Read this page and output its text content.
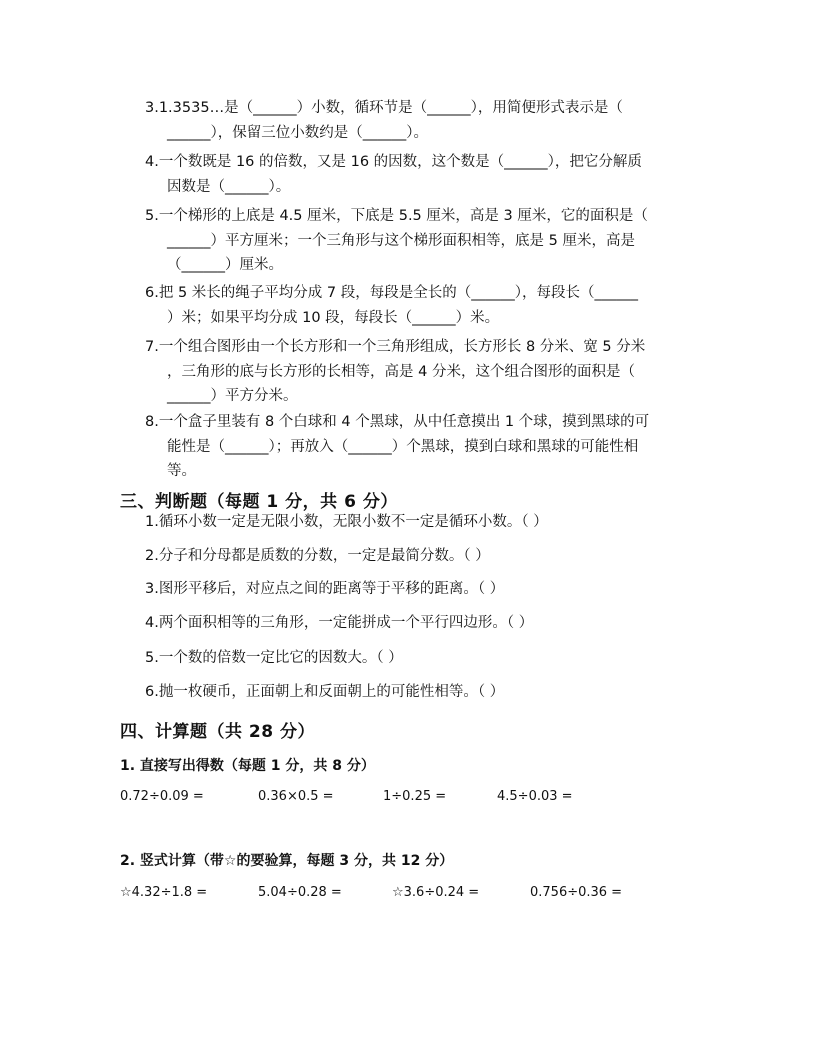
3.1.3535…是（______）小数，循环节是（______），用简便形式表示是（
______），保留三位小数约是（______）。
4.一个数既是 16 的倍数，又是 16 的因数，这个数是（______），把它分解质
因数是（______）。
5.一个梯形的上底是 4.5 厘米，下底是 5.5 厘米，高是 3 厘米，它的面积是（
______）平方厘米；一个三角形与这个梯形面积相等，底是 5 厘米，高是
（______）厘米。
6.把 5 米长的绳子平均分成 7 段，每段是全长的（______），每段长（______
）米；如果平均分成 10 段，每段长（______）米。
7.一个组合图形由一个长方形和一个三角形组成，长方形长 8 分米、宽 5 分米
，三角形的底与长方形的长相等，高是 4 分米，这个组合图形的面积是（
______）平方分米。
8.一个盒子里装有 8 个白球和 4 个黑球，从中任意摸出 1 个球，摸到黑球的可
能性是（______）；再放入（______）个黑球，摸到白球和黑球的可能性相
等。
三、判断题（每题 1 分，共 6 分）
1.循环小数一定是无限小数，无限小数不一定是循环小数。（ ）
2.分子和分母都是质数的分数，一定是最简分数。（ ）
3.图形平移后，对应点之间的距离等于平移的距离。（ ）
4.两个面积相等的三角形，一定能拼成一个平行四边形。（ ）
5.一个数的倍数一定比它的因数大。（ ）
6.抛一枚硬币，正面朝上和反面朝上的可能性相等。（ ）
四、计算题（共 28 分）
1. 直接写出得数（每题 1 分，共 8 分）
0.72÷0.09 =	0.36×0.5 =	1÷0.25 =	4.5÷0.03 =
2. 竖式计算（带☆的要验算，每题 3 分，共 12 分）
☆4.32÷1.8 =	5.04÷0.28 =	☆3.6÷0.24 =	0.756÷0.36 =
